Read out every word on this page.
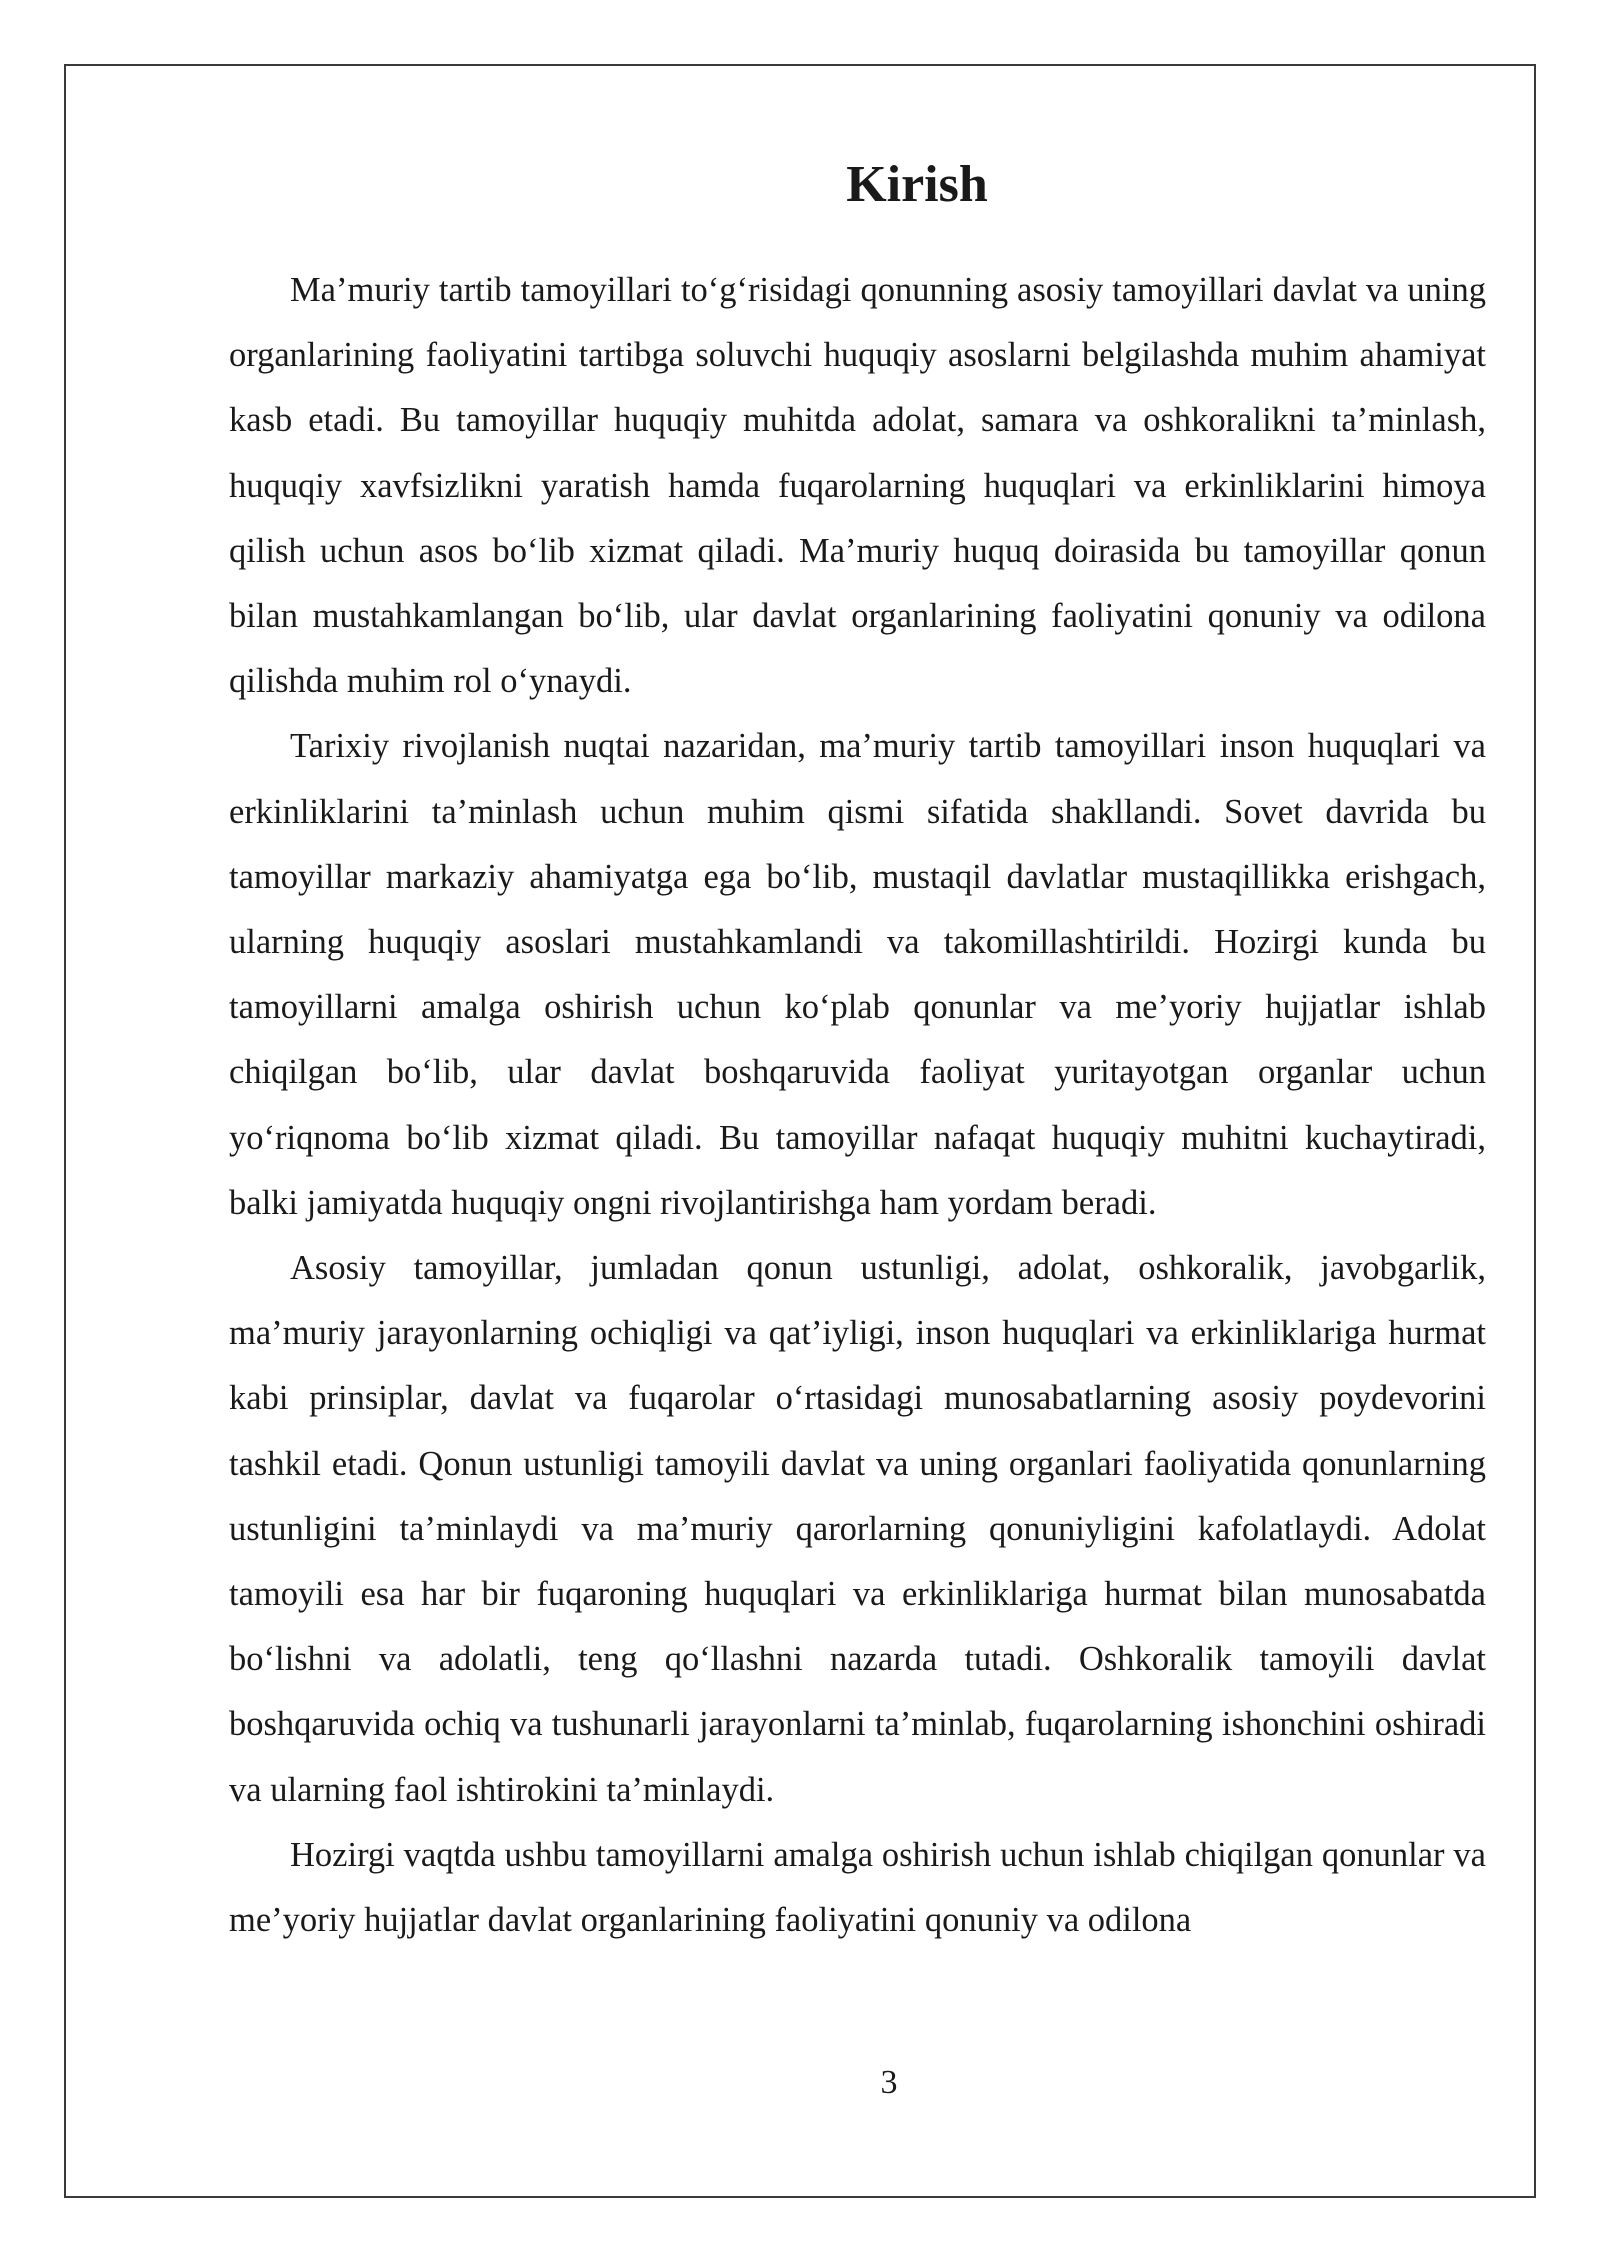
Kirish

Ma’muriy tartib tamoyillari to‘g‘risidagi qonunning asosiy tamoyillari davlat va uning organlarining faoliyatini tartibga soluvchi huquqiy asoslarni belgilashda muhim ahamiyat kasb etadi. Bu tamoyillar huquqiy muhitda adolat, samara va oshkoralikni ta’minlash, huquqiy xavfsizlikni yaratish hamda fuqarolarning huquqlari va erkinliklarini himoya qilish uchun asos bo‘lib xizmat qiladi. Ma’muriy huquq doirasida bu tamoyillar qonun bilan mustahkamlangan bo‘lib, ular davlat organlarining faoliyatini qonuniy va odilona qilishda muhim rol o‘ynaydi.

Tarixiy rivojlanish nuqtai nazaridan, ma’muriy tartib tamoyillari inson huquqlari va erkinliklarini ta’minlash uchun muhim qismi sifatida shakllandi. Sovet davrida bu tamoyillar markaziy ahamiyatga ega bo‘lib, mustaqil davlatlar mustaqillikka erishgach, ularning huquqiy asoslari mustahkamlandi va takomillashtirildi. Hozirgi kunda bu tamoyillarni amalga oshirish uchun ko‘plab qonunlar va me’yoriy hujjatlar ishlab chiqilgan bo‘lib, ular davlat boshqaruvida faoliyat yuritayotgan organlar uchun yo‘riqnoma bo‘lib xizmat qiladi. Bu tamoyillar nafaqat huquqiy muhitni kuchaytiradi, balki jamiyatda huquqiy ongni rivojlantirishga ham yordam beradi.

Asosiy tamoyillar, jumladan qonun ustunligi, adolat, oshkoralik, javobgarlik, ma’muriy jarayonlarning ochiqligi va qat’iyligi, inson huquqlari va erkinliklariga hurmat kabi prinsiplar, davlat va fuqarolar o‘rtasidagi munosabatlarning asosiy poydevorini tashkil etadi. Qonun ustunligi tamoyili davlat va uning organlari faoliyatida qonunlarning ustunligini ta’minlaydi va ma’muriy qarorlarning qonuniyligini kafolatlaydi. Adolat tamoyili esa har bir fuqaroning huquqlari va erkinliklariga hurmat bilan munosabatda bo‘lishni va adolatli, teng qo‘llashni nazarda tutadi. Oshkoralik tamoyili davlat boshqaruvida ochiq va tushunarli jarayonlarni ta’minlab, fuqarolarning ishonchini oshiradi va ularning faol ishtirokini ta’minlaydi.

Hozirgi vaqtda ushbu tamoyillarni amalga oshirish uchun ishlab chiqilgan qonunlar va me’yoriy hujjatlar davlat organlarining faoliyatini qonuniy va odilona

3
